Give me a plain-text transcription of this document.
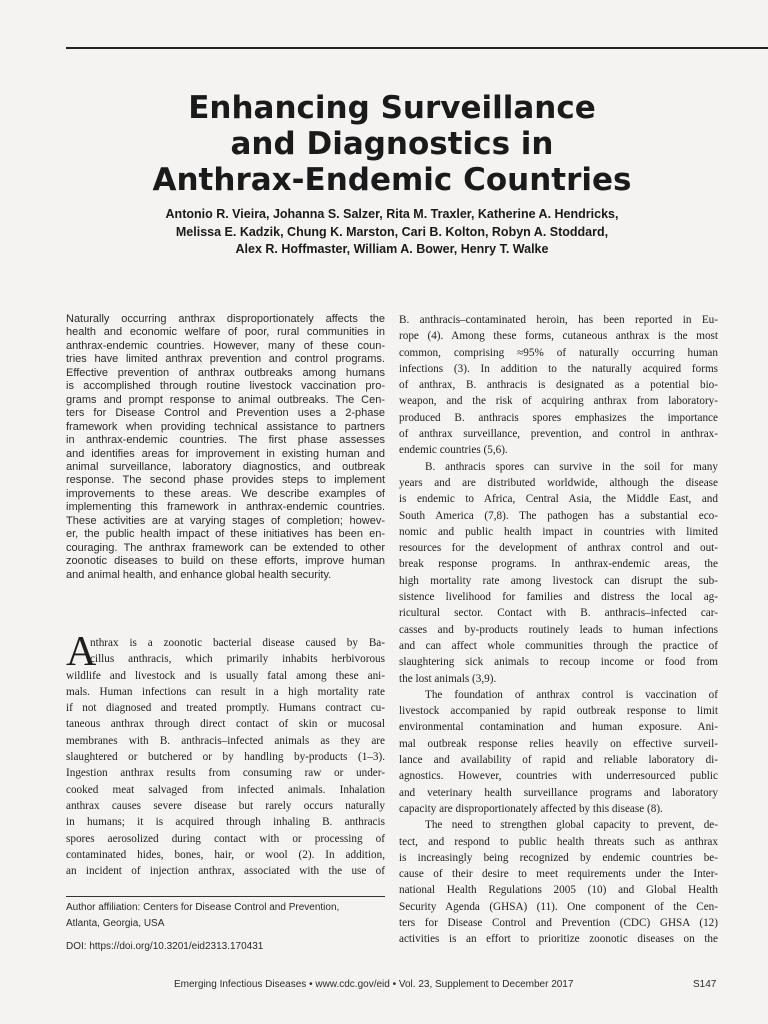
Enhancing Surveillance
and Diagnostics in
Anthrax-Endemic Countries
Antonio R. Vieira, Johanna S. Salzer, Rita M. Traxler, Katherine A. Hendricks,
Melissa E. Kadzik, Chung K. Marston, Cari B. Kolton, Robyn A. Stoddard,
Alex R. Hoffmaster, William A. Bower, Henry T. Walke
Naturally occurring anthrax disproportionately affects the
health and economic welfare of poor, rural communities in
anthrax-endemic countries. However, many of these coun-
tries have limited anthrax prevention and control programs.
Effective prevention of anthrax outbreaks among humans
is accomplished through routine livestock vaccination pro-
grams and prompt response to animal outbreaks. The Cen-
ters for Disease Control and Prevention uses a 2-phase
framework when providing technical assistance to partners
in anthrax-endemic countries. The first phase assesses
and identifies areas for improvement in existing human and
animal surveillance, laboratory diagnostics, and outbreak
response. The second phase provides steps to implement
improvements to these areas. We describe examples of
implementing this framework in anthrax-endemic countries.
These activities are at varying stages of completion; howev-
er, the public health impact of these initiatives has been en-
couraging. The anthrax framework can be extended to other
zoonotic diseases to build on these efforts, improve human
and animal health, and enhance global health security.
A
nthrax is a zoonotic bacterial disease caused by Ba-
cillus anthracis, which primarily inhabits herbivorous
wildlife and livestock and is usually fatal among these ani-
mals. Human infections can result in a high mortality rate
if not diagnosed and treated promptly. Humans contract cu-
taneous anthrax through direct contact of skin or mucosal
membranes with B. anthracis–infected animals as they are
slaughtered or butchered or by handling by-products (1–3).
Ingestion anthrax results from consuming raw or under-
cooked meat salvaged from infected animals. Inhalation
anthrax causes severe disease but rarely occurs naturally
in humans; it is acquired through inhaling B. anthracis
spores aerosolized during contact with or processing of
contaminated hides, bones, hair, or wool (2). In addition,
an incident of injection anthrax, associated with the use of
B. anthracis–contaminated heroin, has been reported in Eu-
rope (4). Among these forms, cutaneous anthrax is the most
common, comprising ≈95% of naturally occurring human
infections (3). In addition to the naturally acquired forms
of anthrax, B. anthracis is designated as a potential bio-
weapon, and the risk of acquiring anthrax from laboratory-
produced B. anthracis spores emphasizes the importance
of anthrax surveillance, prevention, and control in anthrax-
endemic countries (5,6).
B. anthracis spores can survive in the soil for many
years and are distributed worldwide, although the disease
is endemic to Africa, Central Asia, the Middle East, and
South America (7,8). The pathogen has a substantial eco-
nomic and public health impact in countries with limited
resources for the development of anthrax control and out-
break response programs. In anthrax-endemic areas, the
high mortality rate among livestock can disrupt the sub-
sistence livelihood for families and distress the local ag-
ricultural sector. Contact with B. anthracis–infected car-
casses and by-products routinely leads to human infections
and can affect whole communities through the practice of
slaughtering sick animals to recoup income or food from
the lost animals (3,9).
The foundation of anthrax control is vaccination of
livestock accompanied by rapid outbreak response to limit
environmental contamination and human exposure. Ani-
mal outbreak response relies heavily on effective surveil-
lance and availability of rapid and reliable laboratory di-
agnostics. However, countries with underresourced public
and veterinary health surveillance programs and laboratory
capacity are disproportionately affected by this disease (8).
The need to strengthen global capacity to prevent, de-
tect, and respond to public health threats such as anthrax
is increasingly being recognized by endemic countries be-
cause of their desire to meet requirements under the Inter-
national Health Regulations 2005 (10) and Global Health
Security Agenda (GHSA) (11). One component of the Cen-
ters for Disease Control and Prevention (CDC) GHSA (12)
activities is an effort to prioritize zoonotic diseases on the
Author affiliation: Centers for Disease Control and Prevention,
Atlanta, Georgia, USA
DOI: https://doi.org/10.3201/eid2313.170431
Emerging Infectious Diseases • www.cdc.gov/eid • Vol. 23, Supplement to December 2017	S147
